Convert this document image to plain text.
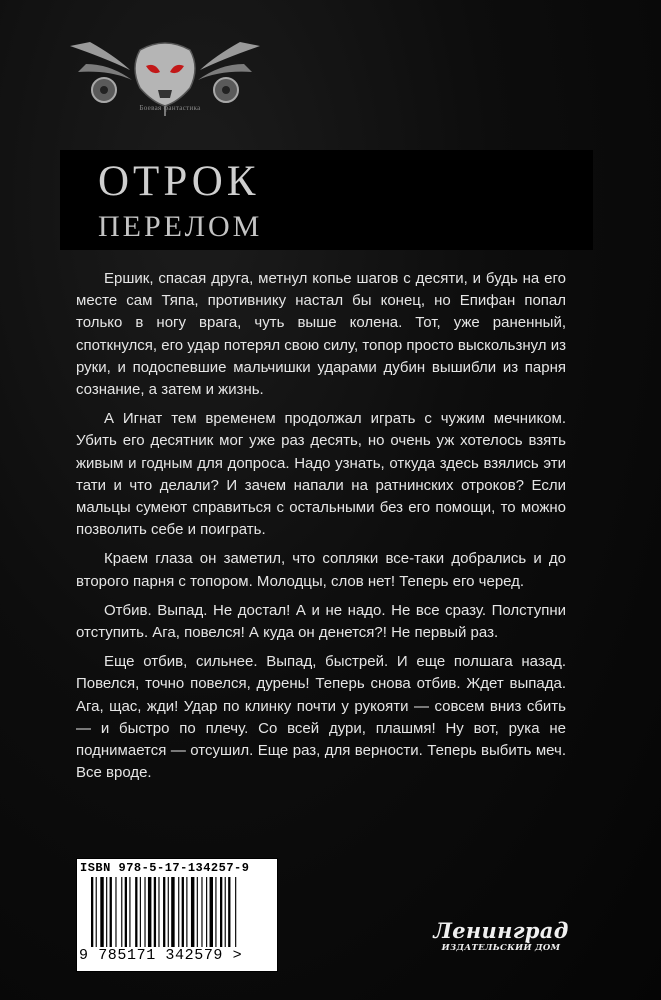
Боевая фантастика
ОТРОК
ПЕРЕЛОМ

Ершик, спасая друга, метнул копье шагов с десяти, и будь на его месте сам Тяпа, противнику настал бы конец, но Епифан попал только в ногу врага, чуть выше колена. Тот, уже раненный, споткнулся, его удар потерял свою силу, топор просто выскользнул из руки, и подоспевшие мальчишки ударами дубин вышибли из парня сознание, а затем и жизнь.

А Игнат тем временем продолжал играть с чужим мечником. Убить его десятник мог уже раз десять, но очень уж хотелось взять живым и годным для допроса. Надо узнать, откуда здесь взялись эти тати и что делали? И зачем напали на ратнинских отроков? Если мальцы сумеют справиться с остальными без его помощи, то можно позволить себе и поиграть.

Краем глаза он заметил, что сопляки все-таки добрались и до второго парня с топором. Молодцы, слов нет! Теперь его черед.

Отбив. Выпад. Не достал! А и не надо. Не все сразу. Полступни отступить. Ага, повелся! А куда он денется?! Не первый раз.

Еще отбив, сильнее. Выпад, быстрей. И еще полшага назад. Повелся, точно повелся, дурень! Теперь снова отбив. Ждет выпада. Ага, щас, жди! Удар по клинку почти у рукояти — совсем вниз сбить — и быстро по плечу. Со всей дури, плашмя! Ну вот, рука не поднимается — отсушил. Еще раз, для верности. Теперь выбить меч. Все вроде.

ISBN 978-5-17-134257-9
9 785171 342579 >
Ленинград
ИЗДАТЕЛЬСКИЙ ДОМ
